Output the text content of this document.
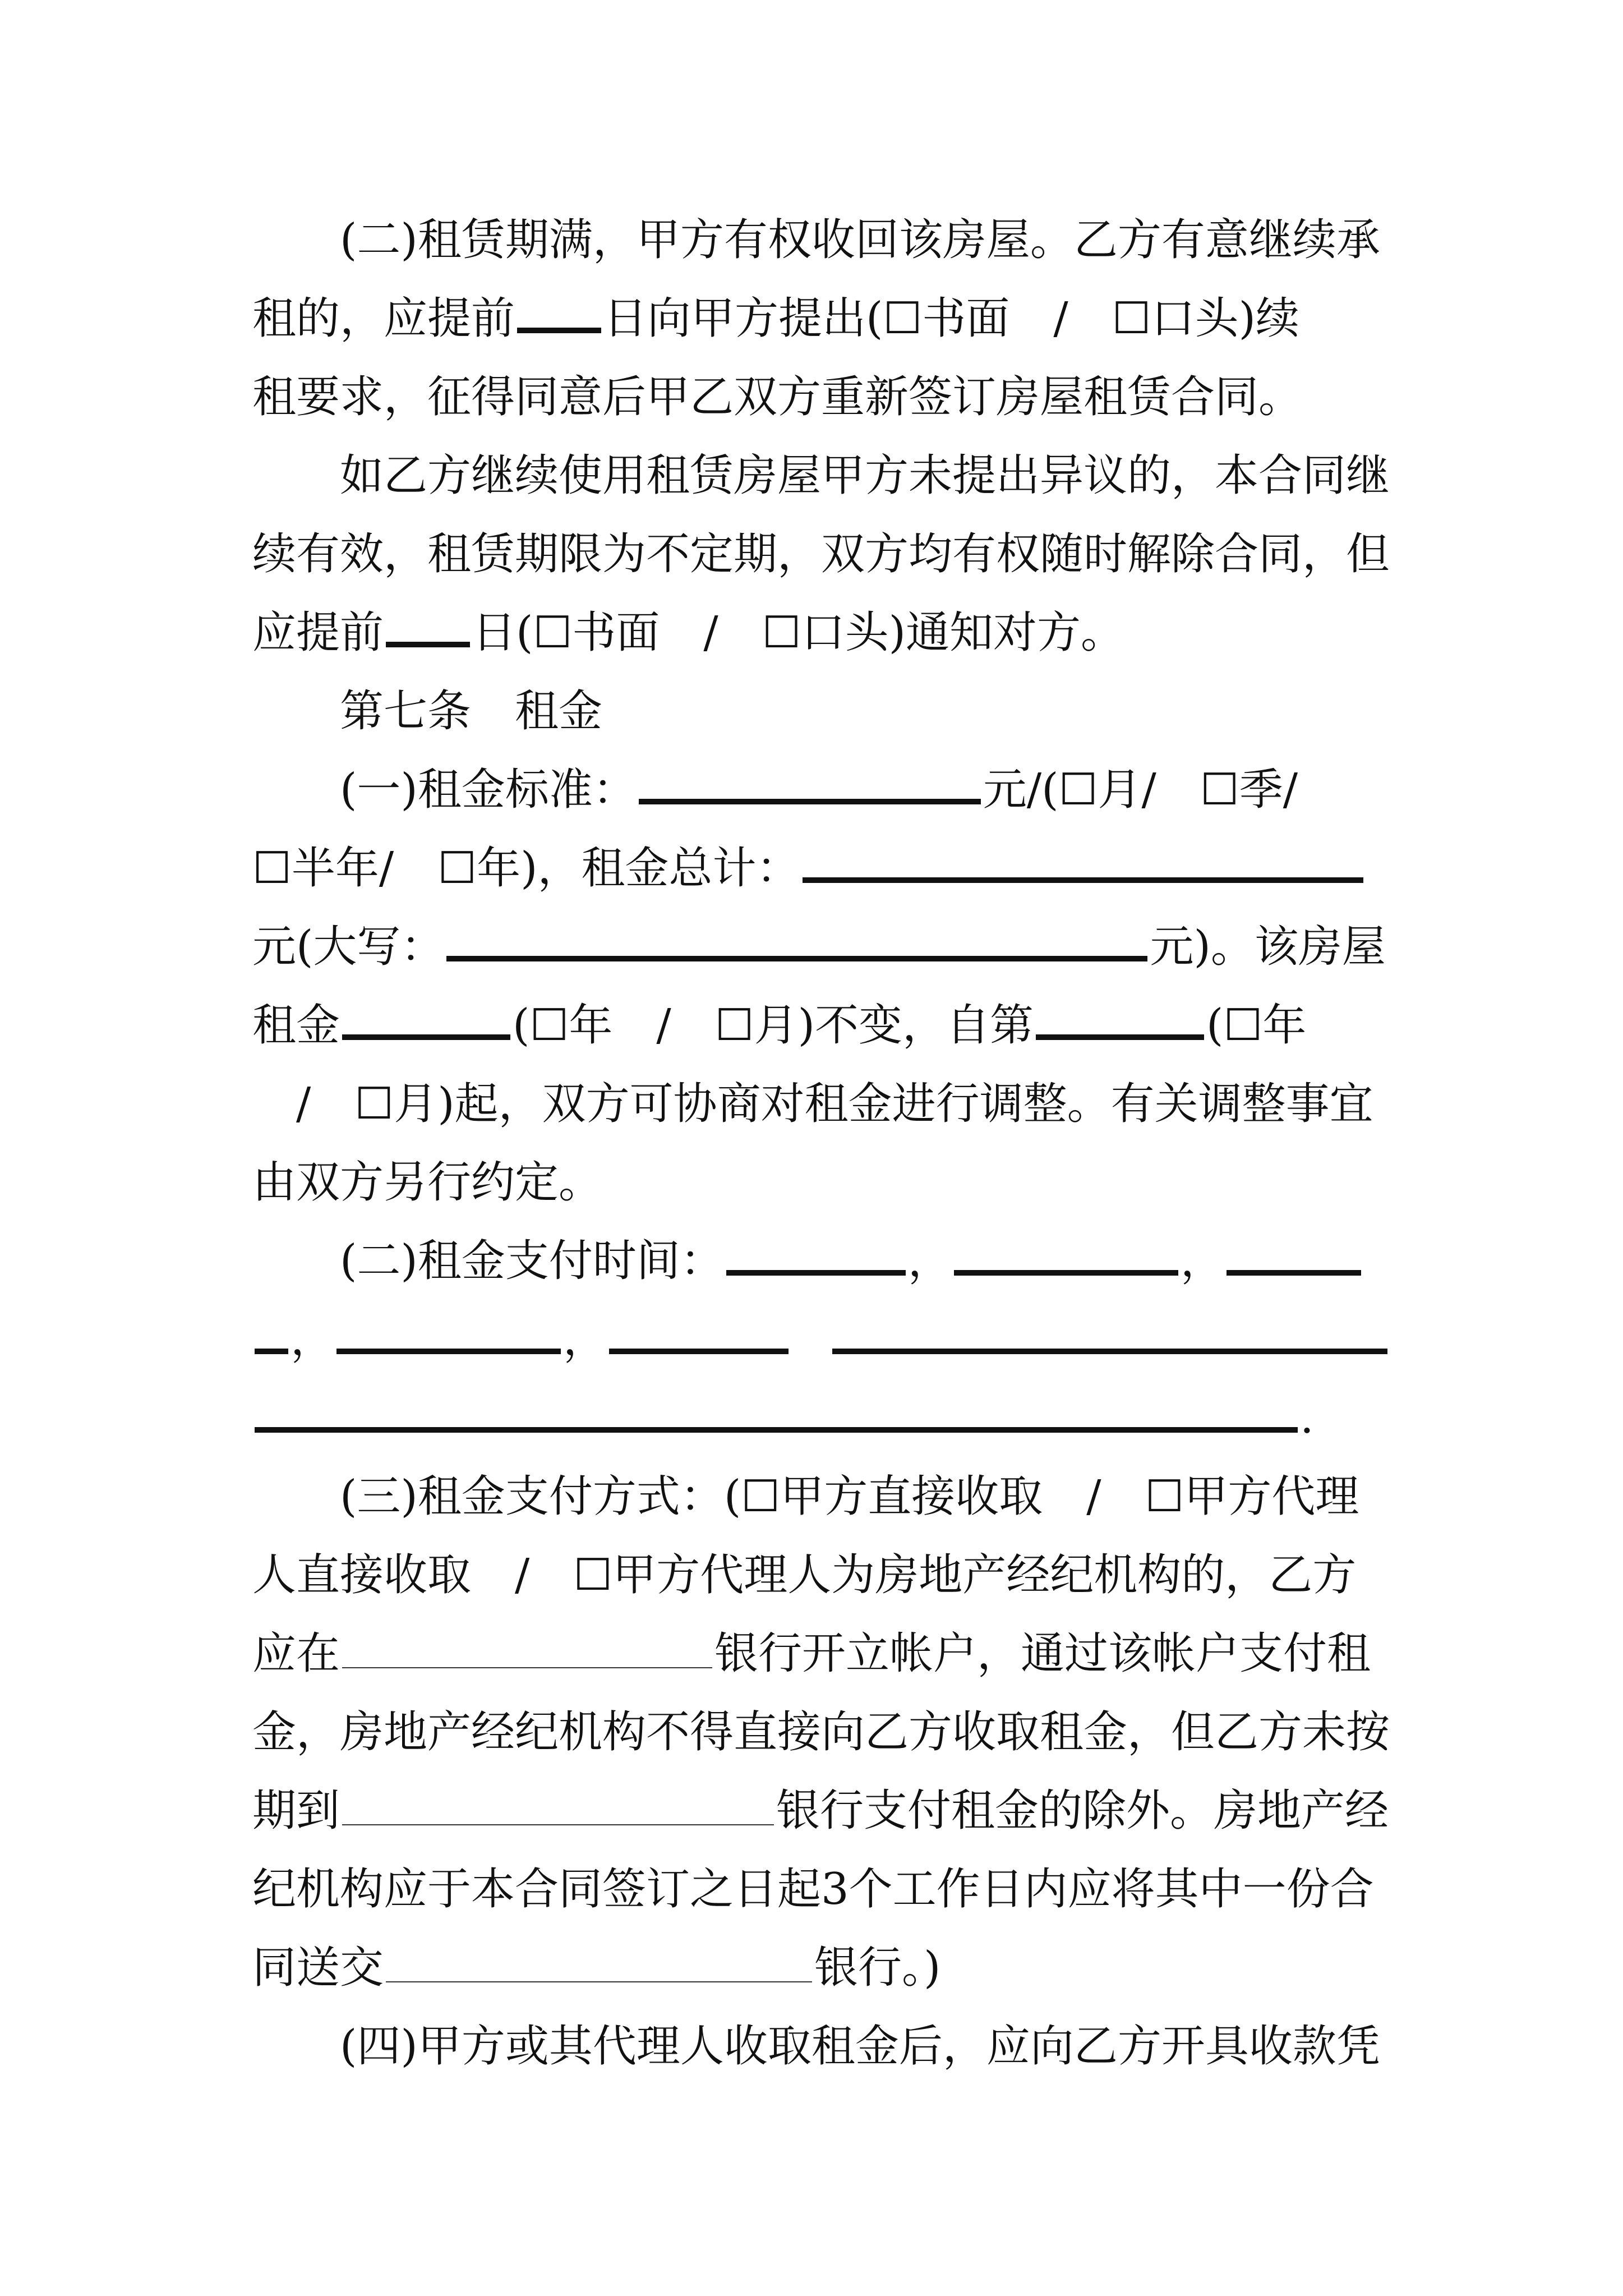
(二)租赁期满，甲方有权收回该房屋。乙方有意继续承
租的，应提前 日向甲方提出(☐书面　/　☐口头)续
租要求，征得同意后甲乙双方重新签订房屋租赁合同。
如乙方继续使用租赁房屋甲方未提出异议的，本合同继
续有效，租赁期限为不定期，双方均有权随时解除合同，但
应提前 日(☐书面　/　☐口头)通知对方。
第七条　租金
(一)租金标准：	元/(☐月/　☐季/
☐半年/　☐年)，租金总计：
元(大写：	元)。该房屋
租金	(☐年　/　☐月)不变，自第	(☐年
　/　☐月)起，双方可协商对租金进行调整。有关调整事宜
由双方另行约定。
(二)租金支付时间：	，	，
，	，
.
(三)租金支付方式：(☐甲方直接收取　/　☐甲方代理
人直接收取　/　☐甲方代理人为房地产经纪机构的，乙方
应在	银行开立帐户，通过该帐户支付租
金，房地产经纪机构不得直接向乙方收取租金，但乙方未按
期到	银行支付租金的除外。房地产经
纪机构应于本合同签订之日起3个工作日内应将其中一份合
同送交	银行。)
(四)甲方或其代理人收取租金后，应向乙方开具收款凭
